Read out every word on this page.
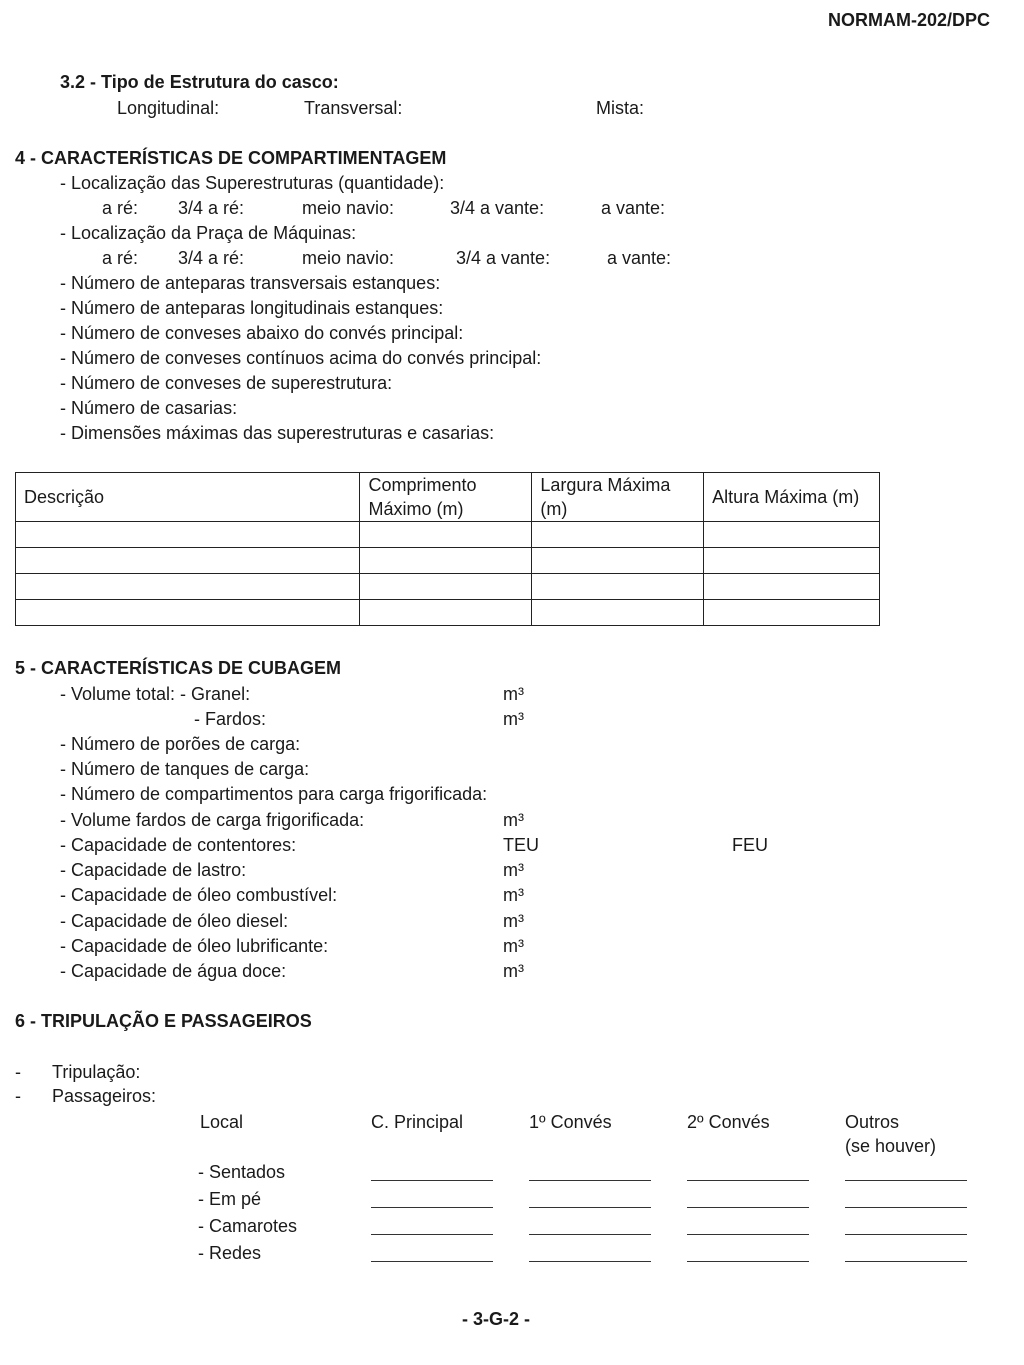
NORMAM-202/DPC
3.2 - Tipo de Estrutura do casco:
Longitudinal:	Transversal:	Mista:
4 - CARACTERÍSTICAS DE COMPARTIMENTAGEM
- Localização das Superestruturas (quantidade):
a ré: 3/4 a ré:	meio navio:	3/4 a vante:	a vante:
- Localização da Praça de Máquinas:
a ré: 3/4 a ré:	meio navio:	3/4 a vante:	a vante:
- Número de anteparas transversais estanques:
- Número de anteparas longitudinais estanques:
- Número de conveses abaixo do convés principal:
- Número de conveses contínuos acima do convés principal:
- Número de conveses de superestrutura:
- Número de casarias:
- Dimensões máximas das superestruturas e casarias:
Descrição	Comprimento Máximo (m)	Largura Máxima (m)	Altura Máxima (m)

5 - CARACTERÍSTICAS DE CUBAGEM
- Volume total: - Granel:	m³
- Fardos:	m³
- Número de porões de carga:
- Número de tanques de carga:
- Número de compartimentos para carga frigorificada:
- Volume fardos de carga frigorificada:	m³
- Capacidade de contentores:	TEU	FEU
- Capacidade de lastro:	m³
- Capacidade de óleo combustível:	m³
- Capacidade de óleo diesel:	m³
- Capacidade de óleo lubrificante:	m³
- Capacidade de água doce:	m³
6 - TRIPULAÇÃO E PASSAGEIROS
- Tripulação:
- Passageiros:
Local	C. Principal	1º Convés	2º Convés	Outros
(se houver)
- Sentados
- Em pé
- Camarotes
- Redes
- 3-G-2 -
